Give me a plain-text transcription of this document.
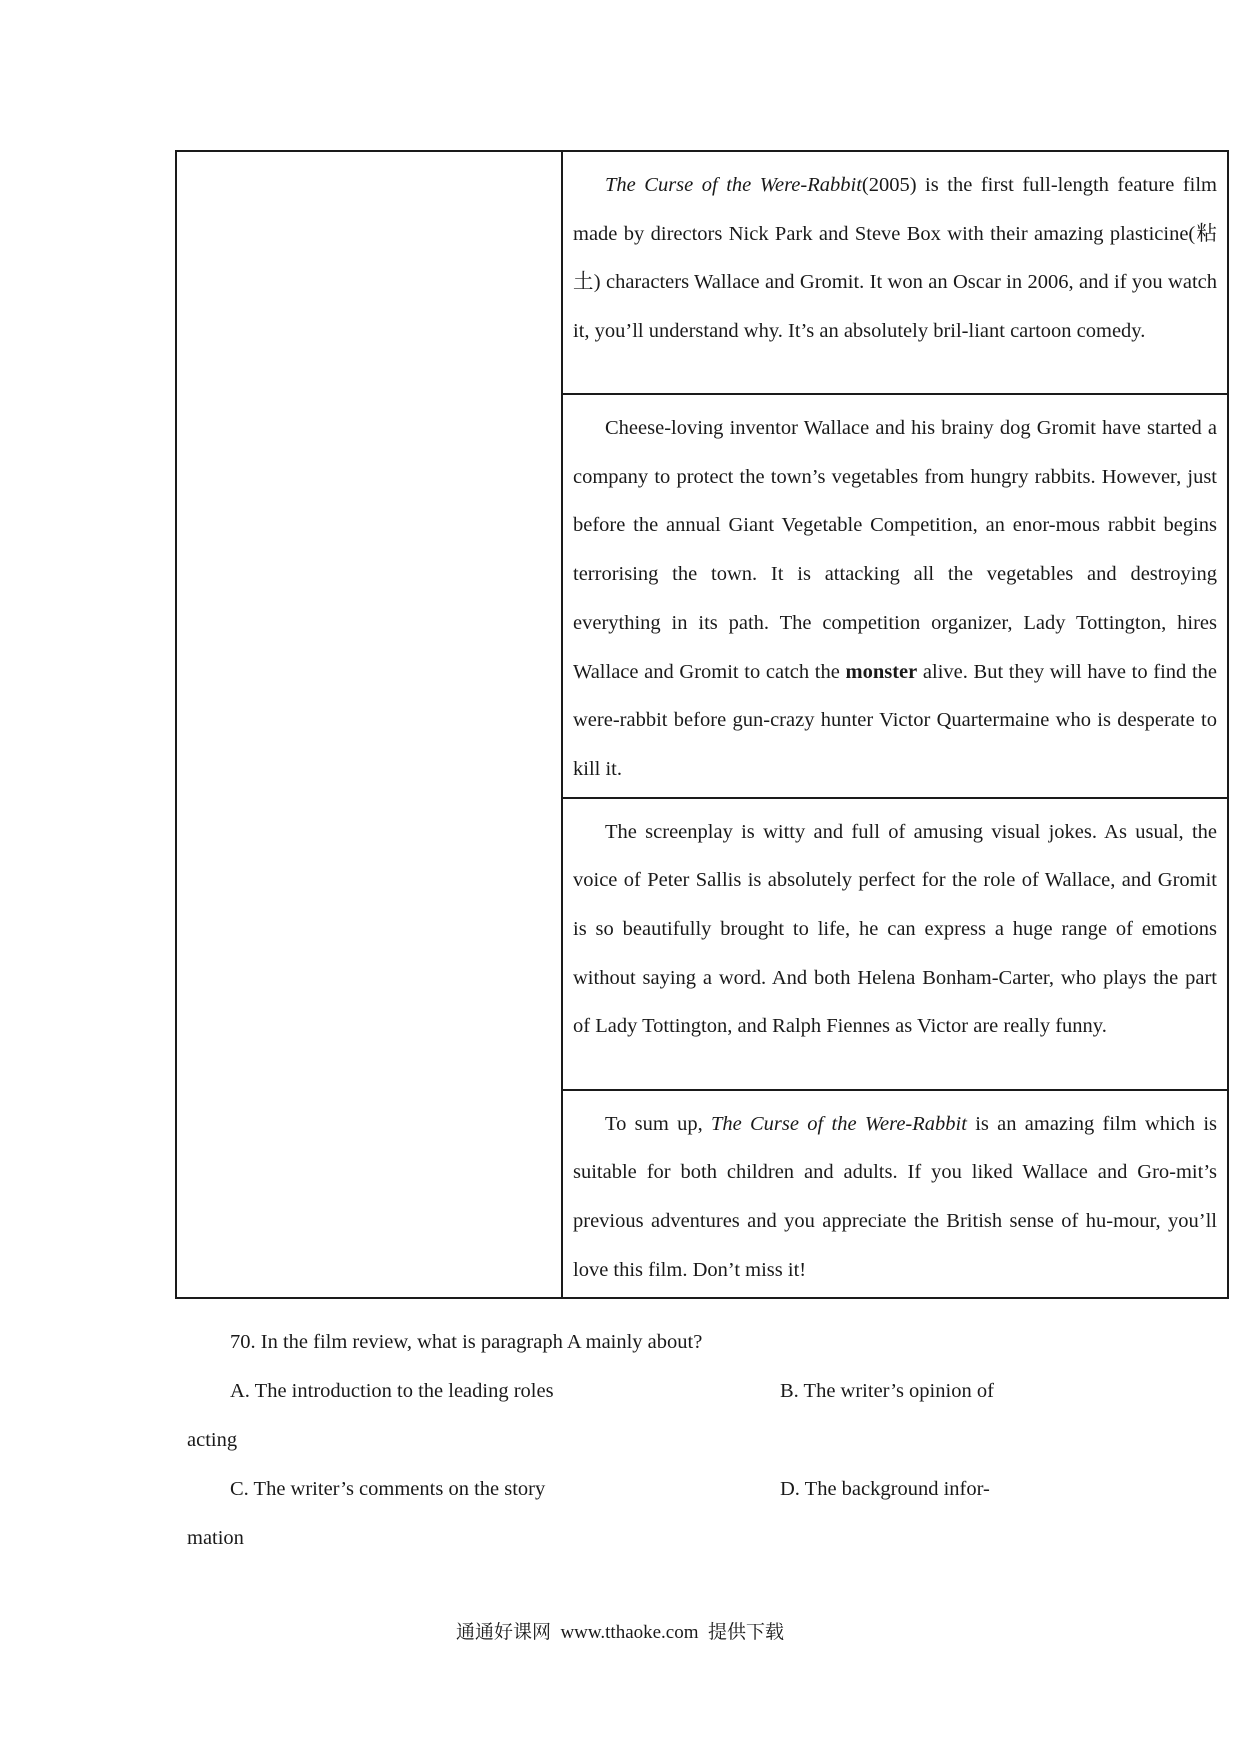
The Curse of the Were-Rabbit(2005) is the first full-length feature film made by directors Nick Park and Steve Box with their amazing plasticine(粘土) characters Wallace and Gromit. It won an Oscar in 2006, and if you watch it, you’ll understand why. It’s an absolutely bril-liant cartoon comedy.

Cheese-loving inventor Wallace and his brainy dog Gromit have started a company to protect the town’s vegetables from hungry rabbits. However, just before the annual Giant Vegetable Competition, an enor-mous rabbit begins terrorising the town. It is attacking all the vegetables and destroying everything in its path. The competition organizer, Lady Tottington, hires Wallace and Gromit to catch the monster alive. But they will have to find the were-rabbit before gun-crazy hunter Victor Quartermaine who is desperate to kill it.

The screenplay is witty and full of amusing visual jokes. As usual, the voice of Peter Sallis is absolutely perfect for the role of Wallace, and Gromit is so beautifully brought to life, he can express a huge range of emotions without saying a word. And both Helena Bonham-Carter, who plays the part of Lady Tottington, and Ralph Fiennes as Victor are really funny.

To sum up, The Curse of the Were-Rabbit is an amazing film which is suitable for both children and adults. If you liked Wallace and Gro-mit’s previous adventures and you appreciate the British sense of hu-mour, you’ll love this film. Don’t miss it!

70. In the film review, what is paragraph A mainly about?
A. The introduction to the leading roles	B. The writer’s opinion of
acting
C. The writer’s comments on the story	D. The background infor-
mation
通通好课网  www.tthaoke.com  提供下载
